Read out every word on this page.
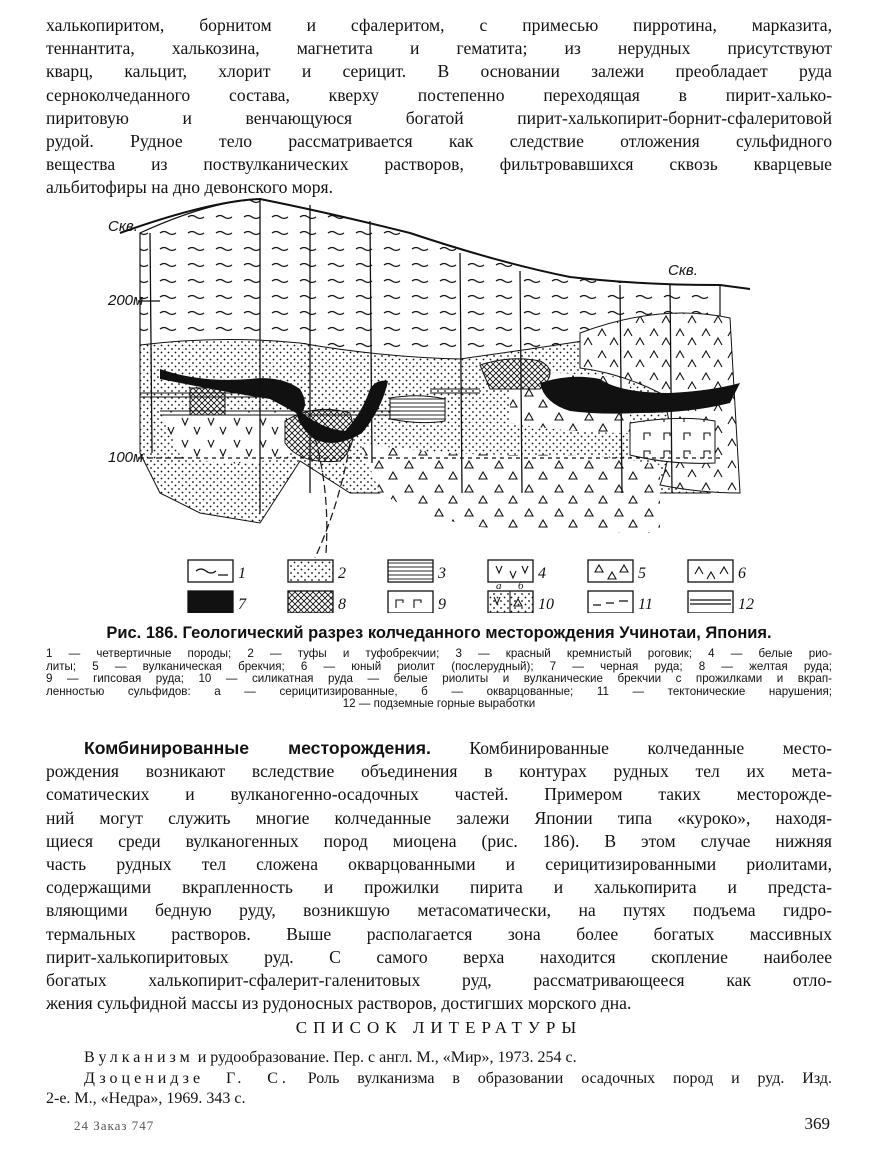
халькопиритом, борнитом и сфалеритом, с примесью пирротина, марказита,
теннантита, халькозина, магнетита и гематита; из нерудных присутствуют
кварц, кальцит, хлорит и серицит. В основании залежи преобладает руда
серноколчеданного состава, кверху постепенно переходящая в пирит-халько-
пиритовую и венчающуюся богатой пирит-халькопирит-борнит-сфалеритовой
рудой. Рудное тело рассматривается как следствие отложения сульфидного
вещества из поствулканических растворов, фильтровавшихся сквозь кварцевые
альбитофиры на дно девонского моря.
Скв.
Скв.
200м
100м
1	2	3	4	5	6
7	8	9
а б
10	11	12
Рис. 186. Геологический разрез колчеданного месторождения Учинотаи, Япония.
1 — четвертичные породы; 2 — туфы и туфобрекчии; 3 — красный кремнистый роговик; 4 — белые рио-
литы; 5 — вулканическая брекчия; 6 — юный риолит (послерудный); 7 — черная руда; 8 — желтая руда;
9 — гипсовая руда; 10 — силикатная руда — белые риолиты и вулканические брекчии с прожилками и вкрап-
ленностью сульфидов: а — серицитизированные, б — окварцованные; 11 — тектонические нарушения;
12 — подземные горные выработки
Комбинированные месторождения. Комбинированные колчеданные место-
рождения возникают вследствие объединения в контурах рудных тел их мета-
соматических и вулканогенно-осадочных частей. Примером таких месторожде-
ний могут служить многие колчеданные залежи Японии типа «куроко», находя-
щиеся среди вулканогенных пород миоцена (рис. 186). В этом случае нижняя
часть рудных тел сложена окварцованными и серицитизированными риолитами,
содержащими вкрапленность и прожилки пирита и халькопирита и предста-
вляющими бедную руду, возникшую метасоматически, на путях подъема гидро-
термальных растворов. Выше располагается зона более богатых массивных
пирит-халькопиритовых руд. С самого верха находится скопление наиболее
богатых халькопирит-сфалерит-галенитовых руд, рассматривающееся как отло-
жения сульфидной массы из рудоносных растворов, достигших морского дна.
СПИСОК ЛИТЕРАТУРЫ

Вулканизм и рудообразование. Пер. с англ. М., «Мир», 1973. 254 с.

Дзоценидзе Г. С. Роль вулканизма в образовании осадочных пород и руд. Изд.
2-е. М., «Недра», 1969. 343 с.

24 Заказ 747	369
